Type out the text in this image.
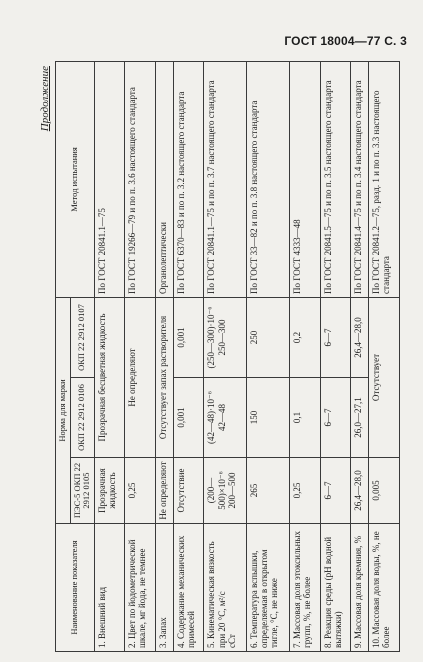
ГОСТ 18004—77 С. 3
Продолжение
Наименование показателя	Норма для марки			Метод испытания
	ПЭС-5 ОКП 22 2912 0105	ОКП 22 2912 0106	ОКП 22 2912 0107	

1. Внешний вид	Прозрачная жидкость	Прозрачная бесцветная жидкость		По ГОСТ 20841.1—75

2. Цвет по йодометрической шкале, мг йода, не темнее	0,25	Не определяют		По ГОСТ 19266—79 и по п. 3.6 настоящего стандарта

3. Запах	Не определяют	Отсутствует запах растворителя		Органолептически

4. Содержание механических примесей	Отсутствие	0,001	0,001	По ГОСТ 6370—83 и по п. 3.2 настоящего стандарта

5. Кинематическая вязкость при 20 °С, м²/с сСт	(200—500)×10⁻⁶ 200—500	(42—48)·10⁻⁶ 42—48	(250—300)·10⁻⁶ 250—300	По ГОСТ 20841.1—75 и по п. 3.7 настоящего стандарта

6. Температура вспышки, определяемая в открытом тигле, °С, не ниже	265	150	250	По ГОСТ 33—82 и по п. 3.8 настоящего стандарта

7. Массовая доля этоксильных групп, %, не более	0,25	0,1	0,2	По ГОСТ 4333—48

8. Реакция среды (рН водной вытяжки)	6—7	6—7	6—7	По ГОСТ 20841.5—75 и по п. 3.5 настоящего стандарта

9. Массовая доля кремния, %	26,4—28,0	26,0—27,1	26,4—28,0	По ГОСТ 20841.4—75 и по п. 3.4 настоящего стандарта

10. Массовая доля воды, %, не более	0,005	Отсутствует		По ГОСТ 20841.2—75, разд. 1 и по п. 3.3 настоящего стандарта
